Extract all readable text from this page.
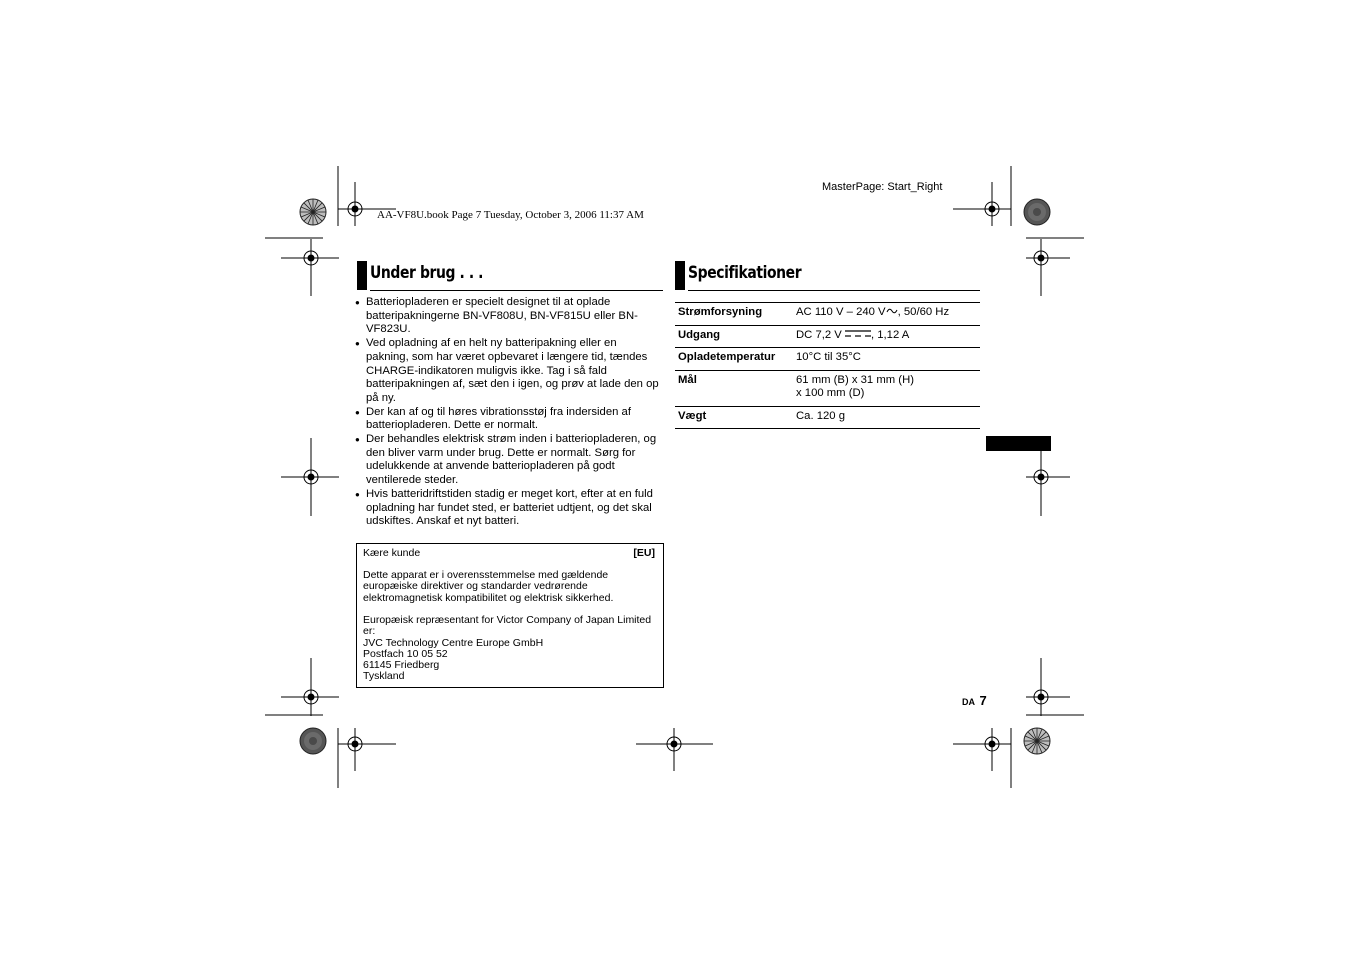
MasterPage: Start_Right
AA-VF8U.book Page 7 Tuesday, October 3, 2006 11:37 AM
Under brug . . .
● Batteriopladeren er specielt designet til at oplade batteripakningerne BN-VF808U, BN-VF815U eller BN-VF823U.
● Ved opladning af en helt ny batteripakning eller en pakning, som har været opbevaret i længere tid, tændes CHARGE-indikatoren muligvis ikke. Tag i så fald batteripakningen af, sæt den i igen, og prøv at lade den op på ny.
● Der kan af og til høres vibrationsstøj fra indersiden af batteriopladeren. Dette er normalt.
● Der behandles elektrisk strøm inden i batteriopladeren, og den bliver varm under brug. Dette er normalt. Sørg for udelukkende at anvende batteriopladeren på godt ventilerede steder.
● Hvis batteridriftstiden stadig er meget kort, efter at en fuld opladning har fundet sted, er batteriet udtjent, og det skal udskiftes. Anskaf et nyt batteri.
Kære kunde	[EU]
Dette apparat er i overensstemmelse med gældende europæiske direktiver og standarder vedrørende elektromagnetisk kompatibilitet og elektrisk sikkerhed.
Europæisk repræsentant for Victor Company of Japan Limited er:
JVC Technology Centre Europe GmbH
Postfach 10 05 52
61145 Friedberg
Tyskland
Specifikationer
Strømforsyning	AC 110 V – 240 V , 50/60 Hz
Udgang	DC 7,2 V , 1,12 A
Opladetemperatur	10°C til 35°C
Mål	61 mm (B) x 31 mm (H)
x 100 mm (D)

Vægt	Ca. 120 g
DA 7
